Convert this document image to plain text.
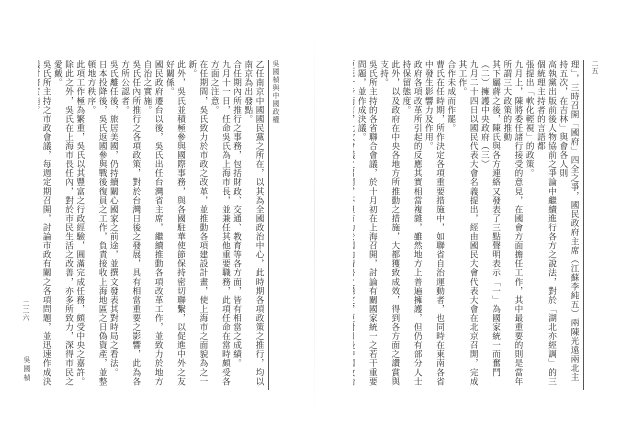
吳國楨與中國政權
乙任南京中國國民黨之所在，以其為全國政治中心，此時期各項政策之推行，均以南京為出發點。
合任期內所推行之事務，包括財政、交通、教育等各方面，皆有相當之成績。
九月十一日，任命吳氏為上海市長，並兼任其他重要職務，此項任命在當時頗受各方面之注意。
在任期間，吳氏致力於市政之改革，並推動各項建設計畫，使上海市之面貌為之一新。
此外，吳氏並積極參與國際事務，與各國駐華使節保持密切聯繫，以促進中外之友好關係。
國民政府遷台以後，吳氏出任台灣省主席，繼續推動各項改革工作，並致力於地方自治之實施。
吳氏任內所推行之各項政策，對於台灣日後之發展，具有相當重要之影響，此為各方所公認者。
吳氏離任後，旅居美國，仍持續關心國家之前途，並撰文發表其對時局之看法。
日本投降後，吳氏返國參與戰後復員之工作，負責接收上海地區之日偽資產，並整頓地方秩序。
此項工作極為繁重，吳氏以其豐富之行政經驗，圓滿完成任務，頗受中央之嘉許。
除此之外，吳氏在上海市長任內，對於市民生活之改善，亦多所致力，深得市民之愛戴。
吳氏所主持之市政會議，每週定期召開，討論市政有關之各項問題，並迅速作成決
吳國楨
二二六
二五
理」，三時召開「國府」四全之爭，國民政府主席（江蘇李純五）兩陳光遠兩北主持五次，在吉林」與會各人則
高執黨出版前後人物協前之爭論中繼續進行各方之說法，對於「湖北亦經調」的三個統理主持者的言語都
張提出「軟化輕視」的政策。
九月上，陳將委任諸行接受的意見，在國會方面擔任工作，其中最重要的則是當年所謂三大政策的推動
其下屬蔣之後，陳氏與各方連絡又發表了三點聲明表示「一」為國家統一而奮鬥（二）擁護中央政府（三）
九月二十四日以國民代表大會名義提出，經由國民大會代表大會在北京召開，完成其工作。
合作未成而作罷。
曹氏在任時期，所作決定各項重要措施中，如聯省自治運動者，也同時在東南各省中發生影響力及作用。
政府各項改革所引起的反應其實相當複雜，雖然地方上普遍擁護，但仍有部分人士持保留態度。
此外，以及政府在中央各地方所推動之措施，大都獲致成效，得到各方面之讚賞與支持。
吳氏所主持的各省聯合會議，於十月初在上海召開，討論有關國家統一之若干重要問題，並作成決議。
